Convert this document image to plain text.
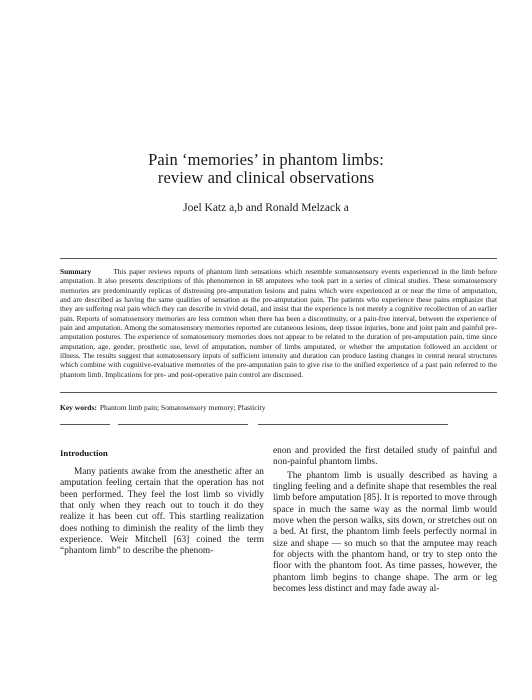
Pain ‘memories’ in phantom limbs:
review and clinical observations
Joel Katz a,b and Ronald Melzack a
Summary	This paper reviews reports of phantom limb sensations which resemble somatosensory events experienced in the limb before amputation. It also presents descriptions of this phenomenon in 68 amputees who took part in a series of clinical studies. These somatosensory memories are predominantly replicas of distressing pre-amputation lesions and pains which were experienced at or near the time of amputation, and are described as having the same qualities of sensation as the pre-amputation pain. The patients who experience these pains emphasize that they are suffering real pain which they can describe in vivid detail, and insist that the experience is not merely a cognitive recollection of an earlier pain. Reports of somatosensory memories are less common when there has been a discontinuity, or a pain-free interval, between the experience of pain and amputation. Among the somatosensory memories reported are cutaneous lesions, deep tissue injuries, bone and joint pain and painful pre-amputation postures. The experience of somatosensory memories does not appear to be related to the duration of pre-amputation pain, time since amputation, age, gender, prosthetic use, level of amputation, number of limbs amputated, or whether the amputation followed an accident or illness. The results suggest that somatosensory inputs of sufficient intensity and duration can produce lasting changes in central neural structures which combine with cognitive-evaluative memories of the pre-amputation pain to give rise to the unified experience of a past pain referred to the phantom limb. Implications for pre- and post-operative pain control are discussed.
Key words: Phantom limb pain; Somatosensory memory; Plasticity
Introduction

Many patients awake from the anesthetic after an amputation feeling certain that the operation has not been performed. They feel the lost limb so vividly that only when they reach out to touch it do they realize it has been cut off. This startling realization does nothing to diminish the reality of the limb they experience. Weir Mitchell [63] coined the term “phantom limb” to describe the phenom-

enon and provided the first detailed study of painful and non-painful phantom limbs.

The phantom limb is usually described as having a tingling feeling and a definite shape that resembles the real limb before amputation [85]. It is reported to move through space in much the same way as the normal limb would move when the person walks, sits down, or stretches out on a bed. At first, the phantom limb feels perfectly normal in size and shape — so much so that the amputee may reach for objects with the phantom hand, or try to step onto the floor with the phantom foot. As time passes, however, the phantom limb begins to change shape. The arm or leg becomes less distinct and may fade away al-
